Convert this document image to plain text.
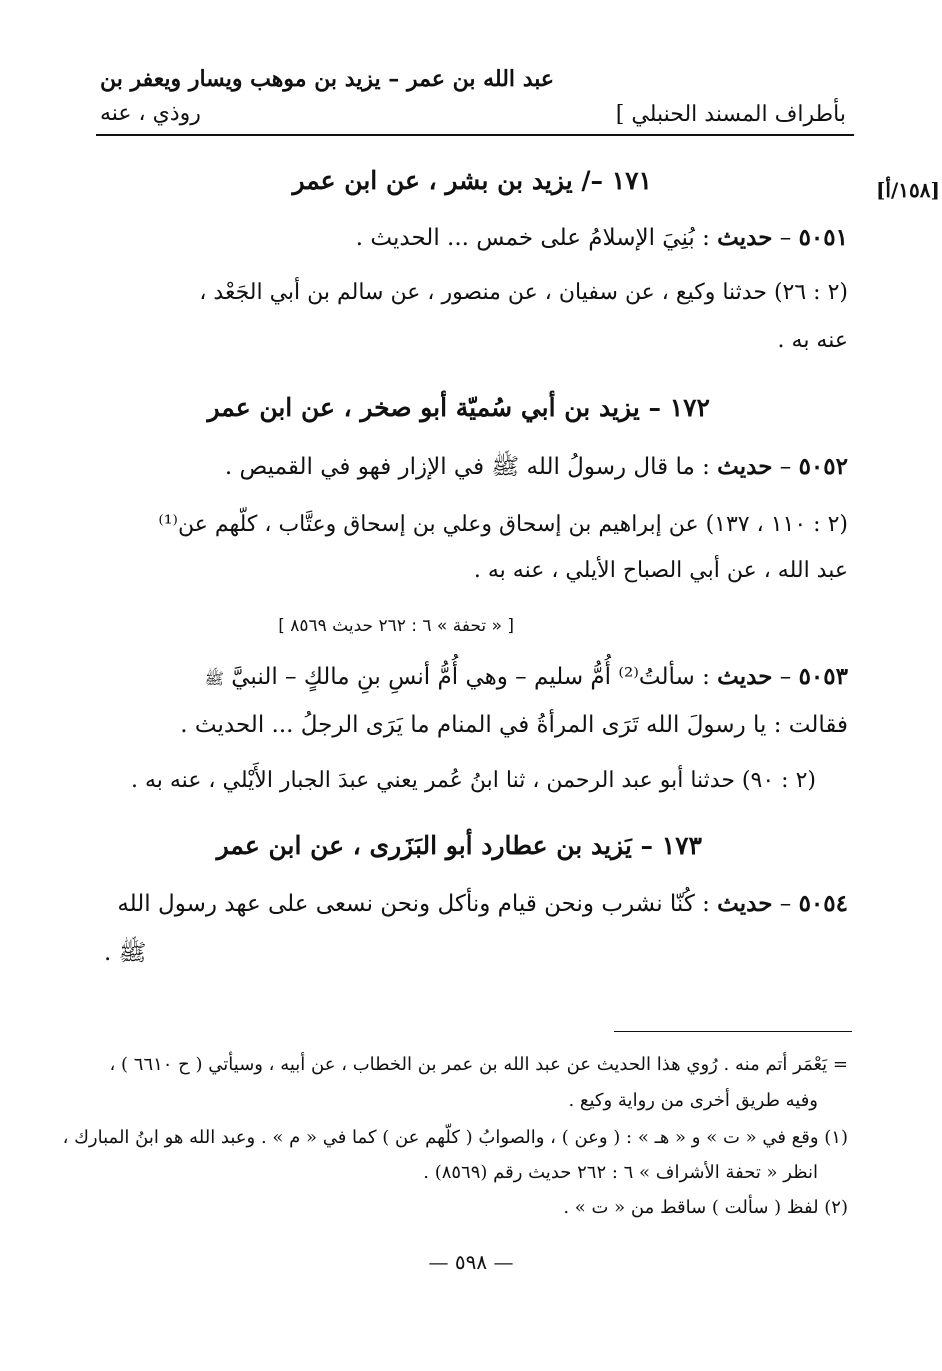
عبد الله بن عمر – يزيد بن موهب ويسار ويعفر بن
روذي ، عنه	بأطراف المسند الحنبلي ]
[١٥٨/أ]
١٧١ –/ يزيد بن بشر ، عن ابن عمر
٥٠٥١ – حديث : بُنِيَ الإسلامُ على خمس ... الحديث .
(٢ : ٢٦) حدثنا وكيع ، عن سفيان ، عن منصور ، عن سالم بن أبي الجَعْد ،
عنه به .
١٧٢ – يزيد بن أبي سُميّة أبو صخر ، عن ابن عمر
٥٠٥٢ – حديث : ما قال رسولُ الله ﷺ في الإزار فهو في القميص .
(٢ : ١١٠ ، ١٣٧) عن إبراهيم بن إسحاق وعلي بن إسحاق وعتَّاب ، كلّهم عن⁽¹⁾
عبد الله ، عن أبي الصباح الأيلي ، عنه به .
[ « تحفة » ٦ : ٢٦٢ حديث ٨٥٦٩ ]
٥٠٥٣ – حديث : سألتُ⁽²⁾ أُمُّ سليم – وهي أُمُّ أنسِ بنِ مالكٍ – النبيَّ ﷺ
فقالت : يا رسولَ الله تَرَى المرأةُ في المنام ما يَرَى الرجلُ ... الحديث .
(٢ : ٩٠) حدثنا أبو عبد الرحمن ، ثنا ابنُ عُمر يعني عبدَ الجبار الأَيْلي ، عنه به .
١٧٣ – يَزيد بن عطارد أبو البَزَرى ، عن ابن عمر
٥٠٥٤ – حديث : كُنّا نشرب ونحن قيام ونأكل ونحن نسعى على عهد رسول الله
ﷺ .
= يَعْمَر أتم منه . رُوي هذا الحديث عن عبد الله بن عمر بن الخطاب ، عن أبيه ، وسيأتي ( ح ٦٦١٠ ) ،
وفيه طريق أخرى من رواية وكيع .
(١) وقع في « ت » و « هـ » : ( وعن ) ، والصوابُ ( كلّهم عن ) كما في « م » . وعبد الله هو ابنُ المبارك ،
انظر « تحفة الأشراف » ٦ : ٢٦٢ حديث رقم (٨٥٦٩) .
(٢) لفظ ( سألت ) ساقط من « ت » .
— ٥٩٨ —
